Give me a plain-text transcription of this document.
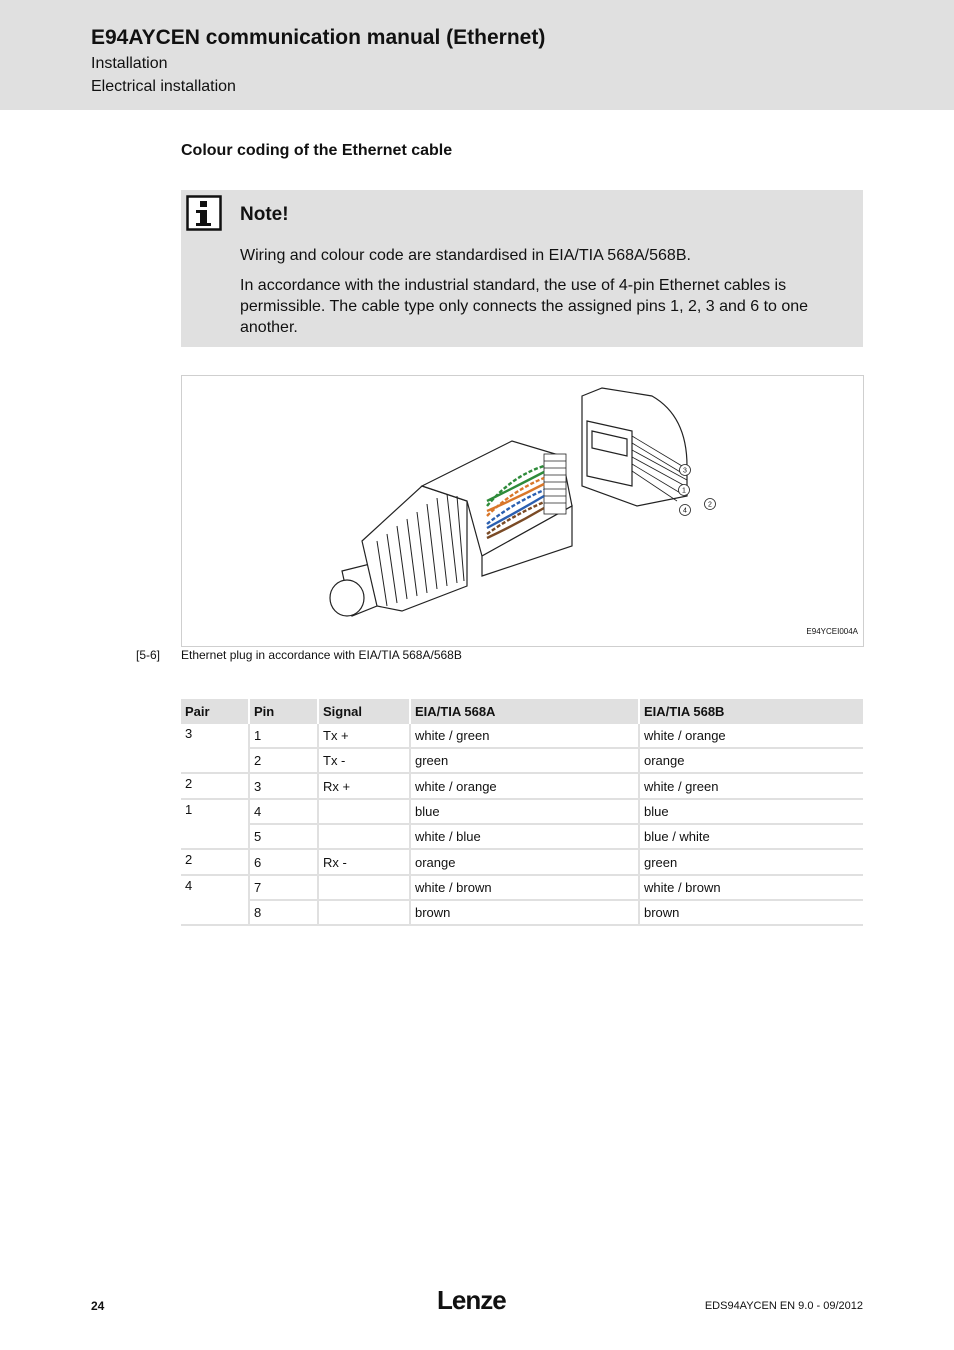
E94AYCEN communication manual (Ethernet)
Installation
Electrical installation
Colour coding of the Ethernet cable
Note!
Wiring and colour code are standardised in EIA/TIA 568A/568B.
In accordance with the industrial standard, the use of 4-pin Ethernet cables is permissible. The cable type only connects the assigned pins 1, 2, 3 and 6 to one another.
3
1
2
4
E94YCEI004A
[5-6] Ethernet plug in accordance with EIA/TIA 568A/568B
Pair	Pin	Signal	EIA/TIA 568A	EIA/TIA 568B
3	1	Tx +	white / green	white / orange
	2	Tx -	green	orange
2	3	Rx +	white / orange	white / green
1	4		blue	blue
	5		white / blue	blue / white
2	6	Rx -	orange	green
4	7		white / brown	white / brown
	8		brown	brown
24	Lenze	EDS94AYCEN EN 9.0 - 09/2012
